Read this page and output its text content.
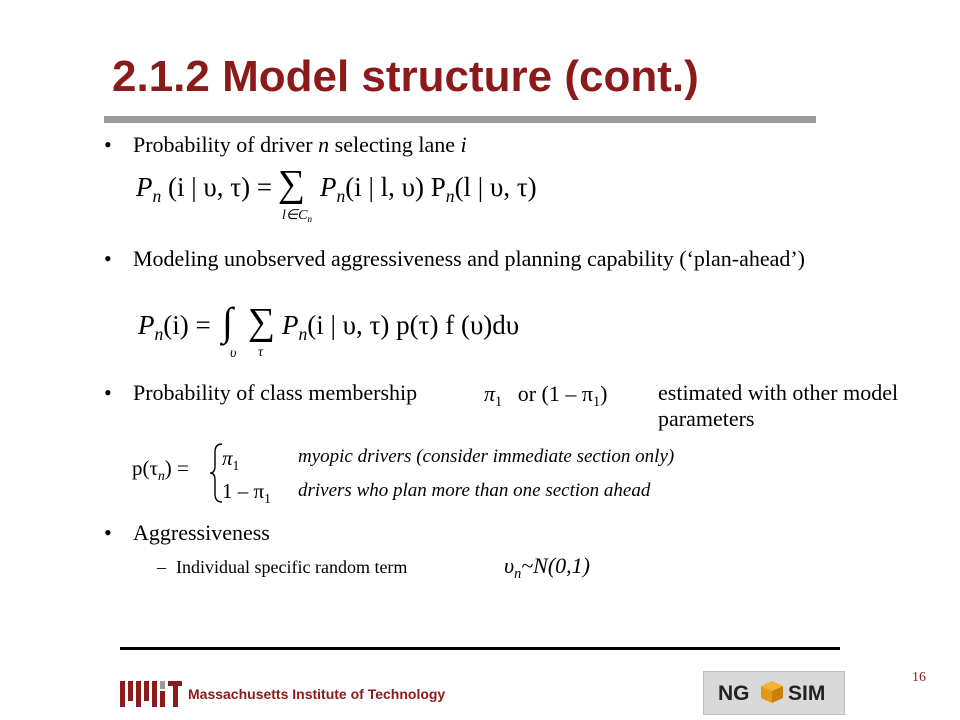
2.1.2 Model structure (cont.)
• Probability of driver n selecting lane i
$P_n$ (i | υ, τ) = ∑
$l\in C_n$
$P_n(i$ | l, υ) $P_n(l$ | υ, τ)
• Modeling unobserved aggressiveness and planning capability (‘plan-ahead’)
$P_n(i)$ = ∫
υ
∑
τ
$P_n(i$ | υ, τ) p(τ) f (υ)dυ
• Probability of class membership	$\pi_1$ or $(1 - \pi_1)$ estimated with other model parameters
$p(\tau_n) = \pi_1$	myopic drivers (consider immediate section only)
$1 - \pi_1$ drivers who plan more than one section ahead
• Aggressiveness
– Individual specific random term	$\upsilon_n\sim N(0,1)$
16
Massachusetts Institute of Technology	NG SIM
